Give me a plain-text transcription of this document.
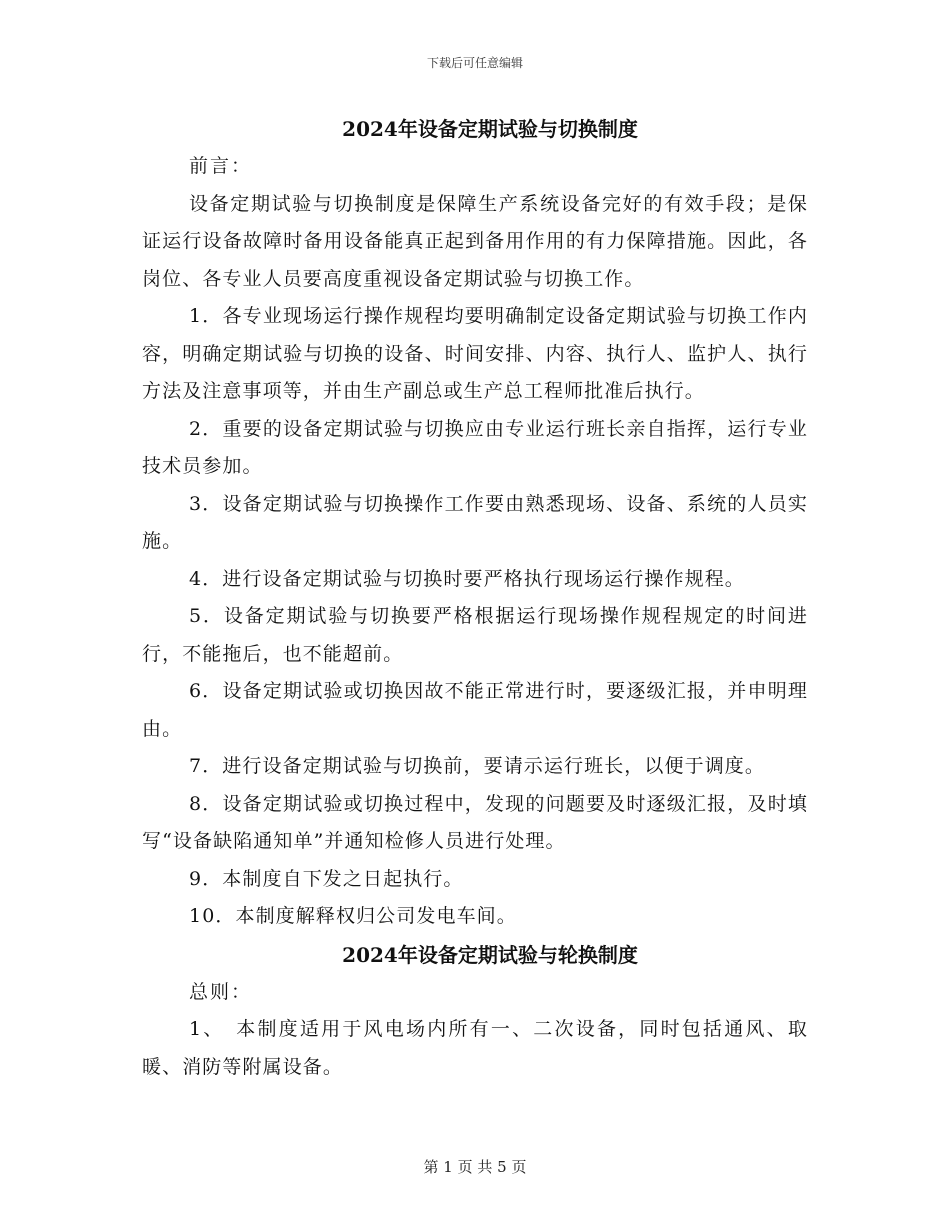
下载后可任意编辑
2024年设备定期试验与切换制度

前言：

设备定期试验与切换制度是保障生产系统设备完好的有效手段；是保证运行设备故障时备用设备能真正起到备用作用的有力保障措施。因此，各岗位、各专业人员要高度重视设备定期试验与切换工作。

1．各专业现场运行操作规程均要明确制定设备定期试验与切换工作内容，明确定期试验与切换的设备、时间安排、内容、执行人、监护人、执行方法及注意事项等，并由生产副总或生产总工程师批准后执行。

2．重要的设备定期试验与切换应由专业运行班长亲自指挥，运行专业技术员参加。

3．设备定期试验与切换操作工作要由熟悉现场、设备、系统的人员实施。

4．进行设备定期试验与切换时要严格执行现场运行操作规程。

5．设备定期试验与切换要严格根据运行现场操作规程规定的时间进行，不能拖后，也不能超前。

6．设备定期试验或切换因故不能正常进行时，要逐级汇报，并申明理由。

7．进行设备定期试验与切换前，要请示运行班长，以便于调度。

8．设备定期试验或切换过程中，发现的问题要及时逐级汇报，及时填写“设备缺陷通知单”并通知检修人员进行处理。

9．本制度自下发之日起执行。

10．本制度解释权归公司发电车间。

2024年设备定期试验与轮换制度

总则：

1、　本制度适用于风电场内所有一、二次设备，同时包括通风、取暖、消防等附属设备。

第 1 页 共 5 页
